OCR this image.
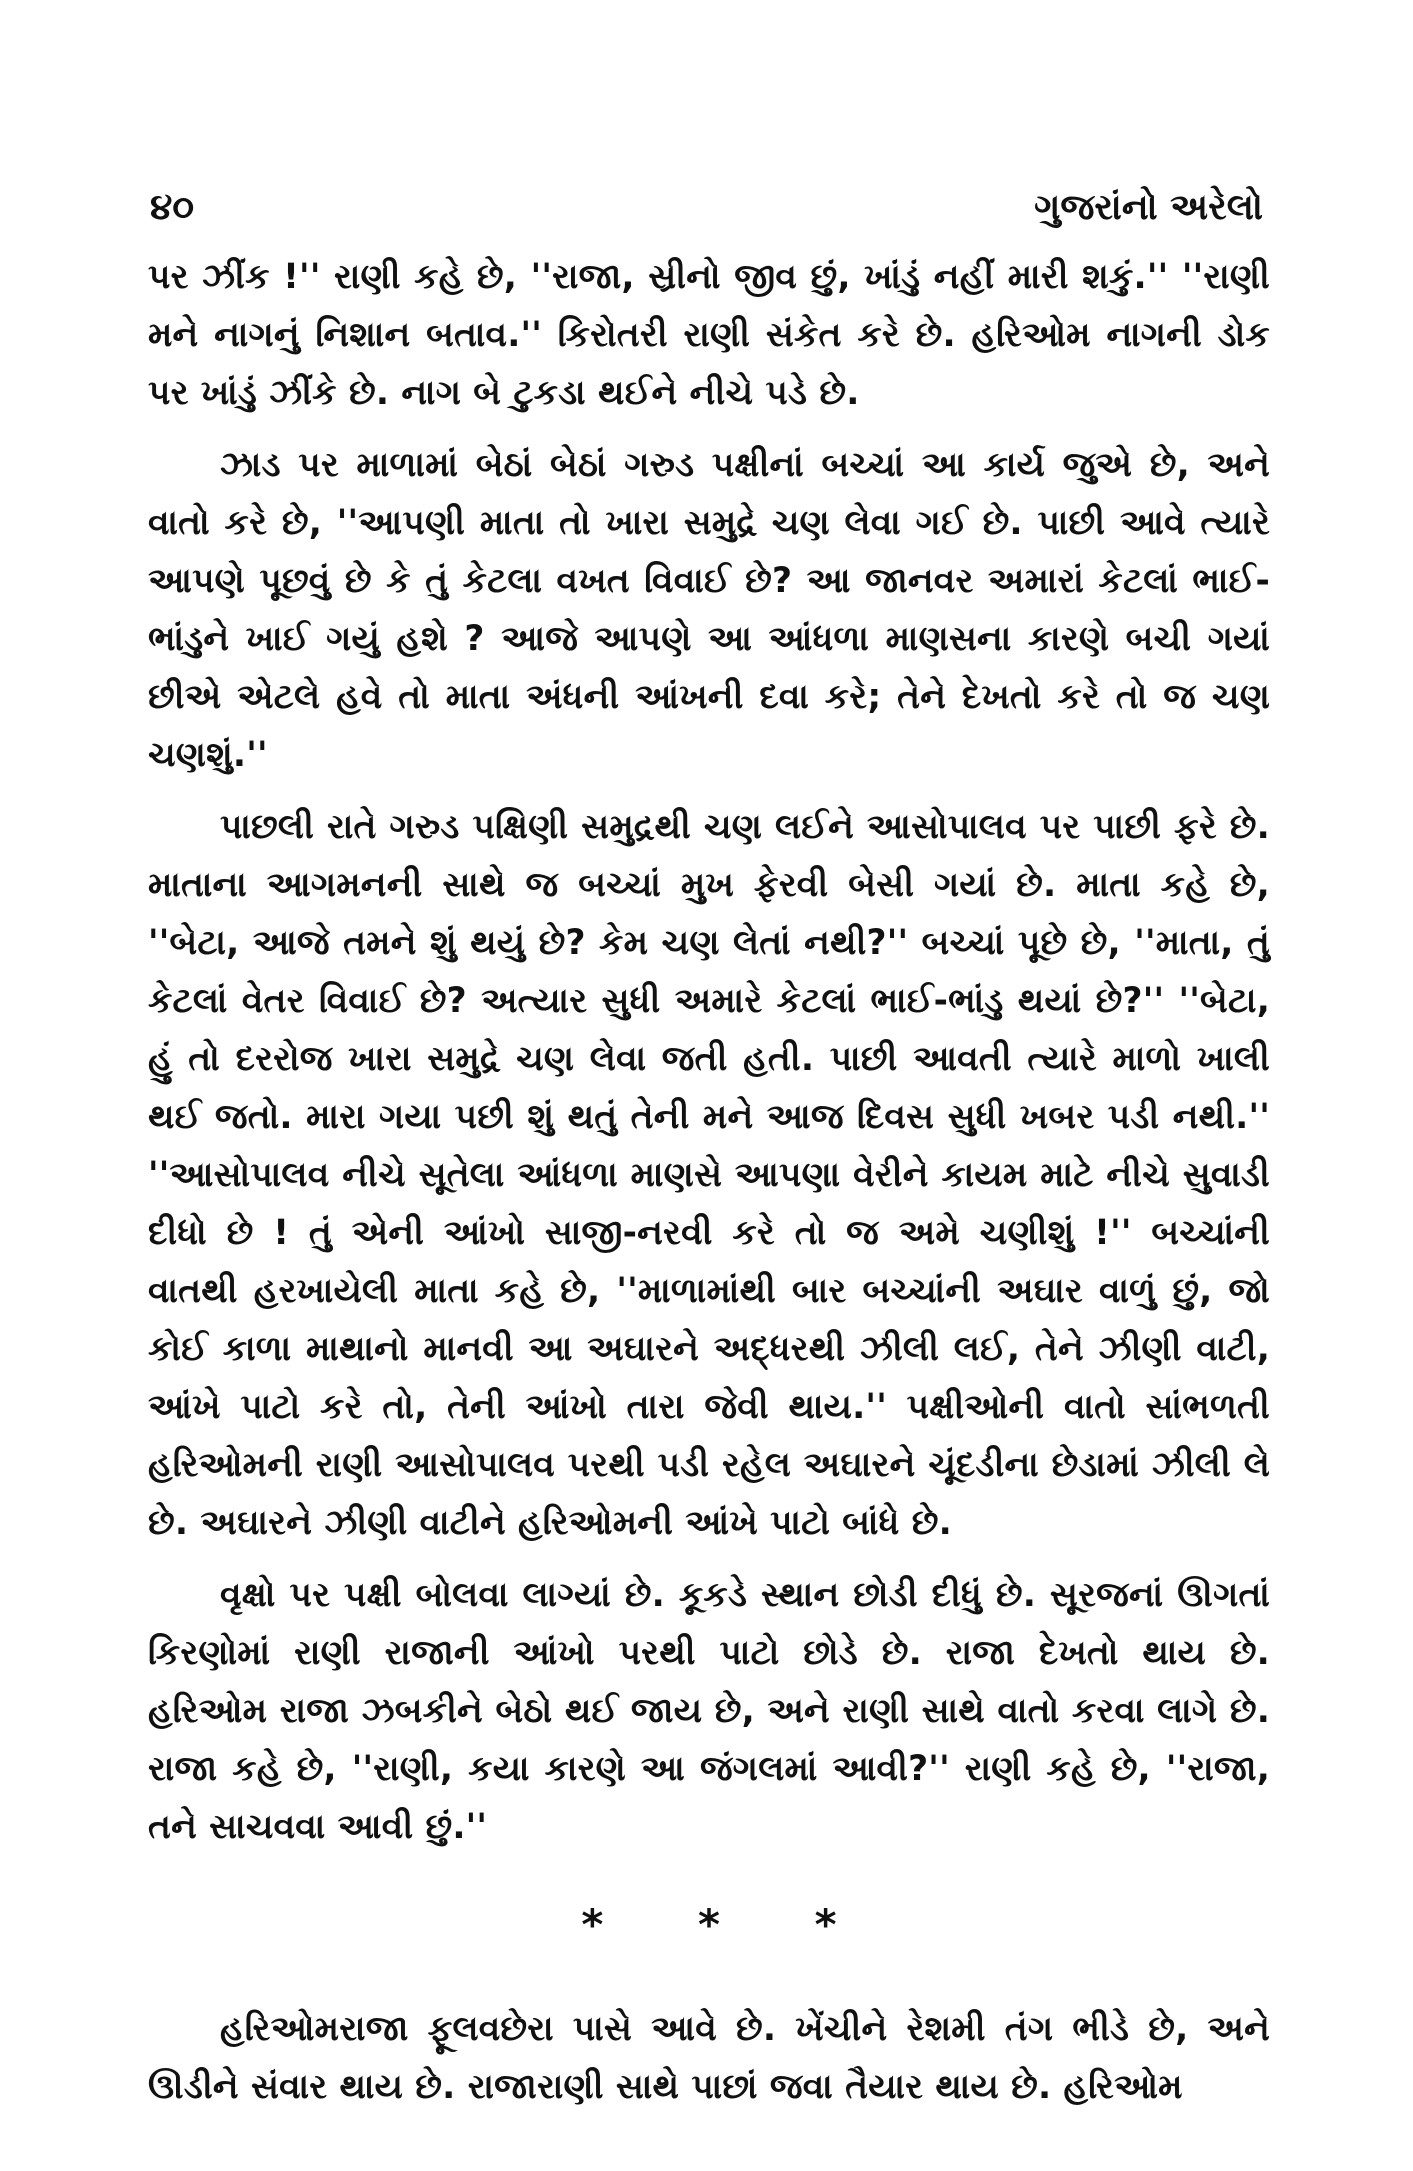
૪૦	ગુજરાંનો અરેલો

પર ઝીંક !'' રાણી કહે છે, ''રાજા, સ્રીનો જીવ છું, ખાંડું નહીં મારી શકું.'' ''રાણી મને નાગનું નિશાન બતાવ.'' કિરોતરી રાણી સંકેત કરે છે. હરિઓમ નાગની ડોક પર ખાંડું ઝીંકે છે. નાગ બે ટુકડા થઈને નીચે પડે છે.

ઝાડ પર માળામાં બેઠાં બેઠાં ગરુડ પક્ષીનાં બચ્ચાં આ કાર્ય જુએ છે, અને વાતો કરે છે, ''આપણી માતા તો ખારા સમુદ્રે ચણ લેવા ગઈ છે. પાછી આવે ત્યારે આપણે પૂછવું છે કે તું કેટલા વખત વિવાઈ છે? આ જાનવર અમારાં કેટલાં ભાઈ-ભાંડુને ખાઈ ગયું હશે ? આજે આપણે આ આંધળા માણસના કારણે બચી ગયાં છીએ એટલે હવે તો માતા અંધની આંખની દવા કરે; તેને દેખતો કરે તો જ ચણ ચણશું.''

પાછલી રાતે ગરુડ પક્ષિણી સમુદ્રથી ચણ લઈને આસોપાલવ પર પાછી ફરે છે. માતાના આગમનની સાથે જ બચ્ચાં મુખ ફેરવી બેસી ગયાં છે. માતા કહે છે, ''બેટા, આજે તમને શું થયું છે? કેમ ચણ લેતાં નથી?'' બચ્ચાં પૂછે છે, ''માતા, તું કેટલાં વેતર વિવાઈ છે? અત્યાર સુધી અમારે કેટલાં ભાઈ-ભાંડુ થયાં છે?'' ''બેટા, હું તો દરરોજ ખારા સમુદ્રે ચણ લેવા જતી હતી. પાછી આવતી ત્યારે માળો ખાલી થઈ જતો. મારા ગયા પછી શું થતું તેની મને આજ દિવસ સુધી ખબર પડી નથી.'' ''આસોપાલવ નીચે સૂતેલા આંધળા માણસે આપણા વેરીને કાયમ માટે નીચે સુવાડી દીધો છે ! તું એની આંખો સાજી-નરવી કરે તો જ અમે ચણીશું !'' બચ્ચાંની વાતથી હરખાયેલી માતા કહે છે, ''માળામાંથી બાર બચ્ચાંની અઘાર વાળું છું, જો કોઈ કાળા માથાનો માનવી આ અઘારને અદ્ધરથી ઝીલી લઈ, તેને ઝીણી વાટી, આંખે પાટો કરે તો, તેની આંખો તારા જેવી થાય.'' પક્ષીઓની વાતો સાંભળતી હરિઓમની રાણી આસોપાલવ પરથી પડી રહેલ અઘારને ચૂંદડીના છેડામાં ઝીલી લે છે. અઘારને ઝીણી વાટીને હરિઓમની આંખે પાટો બાંધે છે.

વૃક્ષો પર પક્ષી બોલવા લાગ્યાં છે. કૂકડે સ્થાન છોડી દીધું છે. સૂરજનાં ઊગતાં કિરણોમાં રાણી રાજાની આંખો પરથી પાટો છોડે છે. રાજા દેખતો થાય છે. હરિઓમ રાજા ઝબકીને બેઠો થઈ જાય છે, અને રાણી સાથે વાતો કરવા લાગે છે. રાજા કહે છે, ''રાણી, કયા કારણે આ જંગલમાં આવી?'' રાણી કહે છે, ''રાજા, તને સાચવવા આવી છું.''

* * *

હરિઓમરાજા ફૂલવછેરા પાસે આવે છે. ખેંચીને રેશમી તંગ ભીડે છે, અને ઊડીને સંવાર થાય છે. રાજારાણી સાથે પાછાં જવા તૈયાર થાય છે. હરિઓમ
